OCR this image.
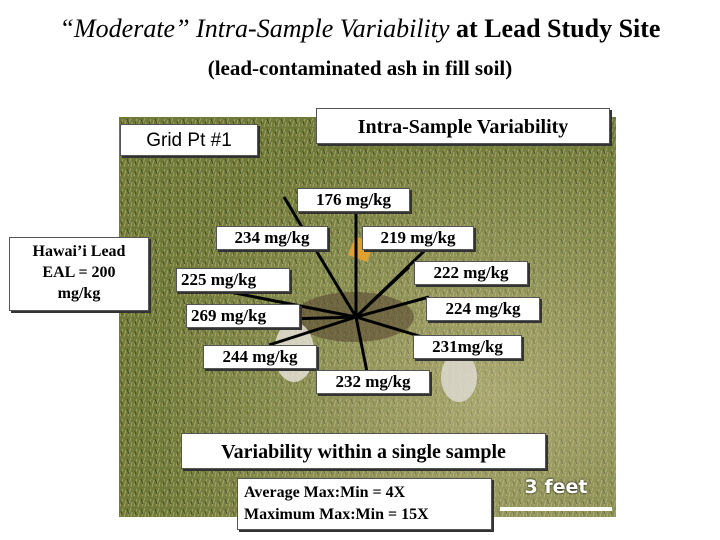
“Moderate” Intra-Sample Variability at Lead Study Site
(lead-contaminated ash in fill soil)
Grid Pt #1
Intra-Sample Variability
Hawai’i Lead
EAL = 200
mg/kg
176 mg/kg
234 mg/kg	219 mg/kg
225 mg/kg	222 mg/kg
269 mg/kg	224 mg/kg
244 mg/kg
231mg/kg
232 mg/kg
Variability within a single sample
Average Max:Min = 4X
Maximum Max:Min = 15X
3 feet
